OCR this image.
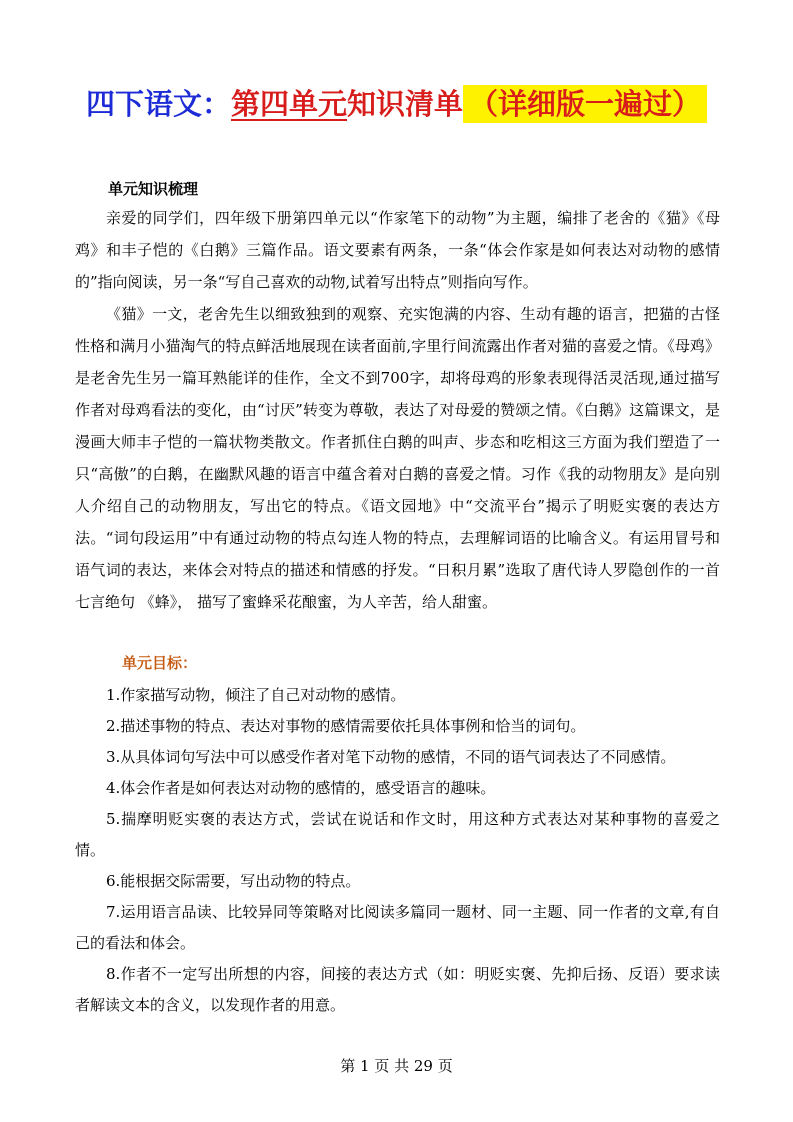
四下语文：第四单元知识清单 （详细版一遍过）
单元知识梳理

亲爱的同学们，四年级下册第四单元以“作家笔下的动物”为主题，编排了老舍的《猫》《母鸡》和丰子恺的《白鹅》三篇作品。语文要素有两条，一条“体会作家是如何表达对动物的感情的”指向阅读，另一条“写自己喜欢的动物,试着写出特点”则指向写作。

《猫》一文，老舍先生以细致独到的观察、充实饱满的内容、生动有趣的语言，把猫的古怪性格和满月小猫淘气的特点鲜活地展现在读者面前,字里行间流露出作者对猫的喜爱之情。《母鸡》是老舍先生另一篇耳熟能详的佳作，全文不到700字，却将母鸡的形象表现得活灵活现,通过描写作者对母鸡看法的变化，由“讨厌”转变为尊敬，表达了对母爱的赞颂之情。《白鹅》这篇课文，是漫画大师丰子恺的一篇状物类散文。作者抓住白鹅的叫声、步态和吃相这三方面为我们塑造了一只“高傲”的白鹅，在幽默风趣的语言中蕴含着对白鹅的喜爱之情。习作《我的动物朋友》是向别人介绍自己的动物朋友，写出它的特点。《语文园地》中“交流平台”揭示了明贬实褒的表达方法。“词句段运用”中有通过动物的特点勾连人物的特点，去理解词语的比喻含义。有运用冒号和语气词的表达，来体会对特点的描述和情感的抒发。“日积月累”选取了唐代诗人罗隐创作的一首七言绝句 《蜂》， 描写了蜜蜂采花酿蜜，为人辛苦，给人甜蜜。

单元目标：

1.作家描写动物，倾注了自己对动物的感情。

2.描述事物的特点、表达对事物的感情需要依托具体事例和恰当的词句。

3.从具体词句写法中可以感受作者对笔下动物的感情，不同的语气词表达了不同感情。

4.体会作者是如何表达对动物的感情的，感受语言的趣味。

5.揣摩明贬实褒的表达方式，尝试在说话和作文时，用这种方式表达对某种事物的喜爱之情。

6.能根据交际需要，写出动物的特点。

7.运用语言品读、比较异同等策略对比阅读多篇同一题材、同一主题、同一作者的文章,有自己的看法和体会。

8.作者不一定写出所想的内容，间接的表达方式（如：明贬实褒、先抑后扬、反语）要求读者解读文本的含义，以发现作者的用意。

第 1 页 共 29 页
